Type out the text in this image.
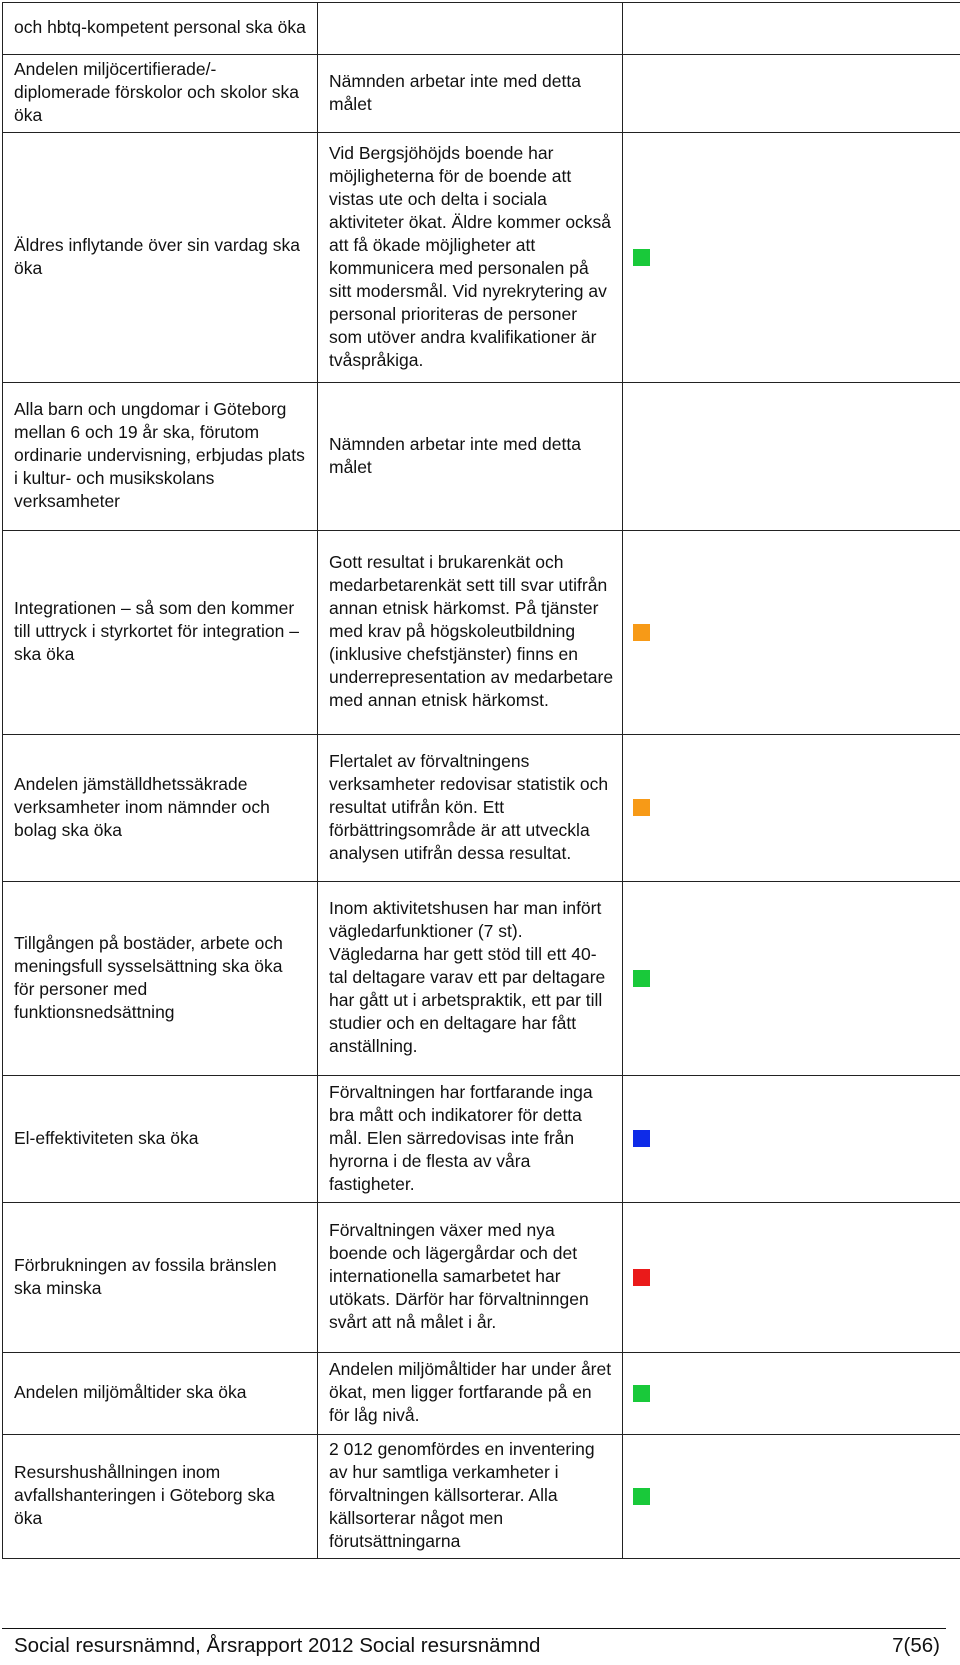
och hbtq-kompetent personal ska öka		
Andelen miljöcertifierade/-diplomerade förskolor och skolor ska öka	Nämnden arbetar inte med detta målet	
Äldres inflytande över sin vardag ska öka	Vid Bergsjöhöjds boende har möjligheterna för de boende att vistas ute och delta i sociala aktiviteter ökat. Äldre kommer också att få ökade möjligheter att kommunicera med personalen på sitt modersmål. Vid nyrekrytering av personal prioriteras de personer som utöver andra kvalifikationer är tvåspråkiga.	
Alla barn och ungdomar i Göteborg mellan 6 och 19 år ska, förutom ordinarie undervisning, erbjudas plats i kultur- och musikskolans verksamheter	Nämnden arbetar inte med detta målet	
Integrationen – så som den kommer till uttryck i styrkortet för integration – ska öka	Gott resultat i brukarenkät och medarbetarenkät sett till svar utifrån annan etnisk härkomst. På tjänster med krav på högskoleutbildning (inklusive chefstjänster) finns en underrepresentation av medarbetare med annan etnisk härkomst.	
Andelen jämställdhetssäkrade verksamheter inom nämnder och bolag ska öka	Flertalet av förvaltningens verksamheter redovisar statistik och resultat utifrån kön. Ett förbättringsområde är att utveckla analysen utifrån dessa resultat.	
Tillgången på bostäder, arbete och meningsfull sysselsättning ska öka för personer med funktionsnedsättning	Inom aktivitetshusen har man infört vägledarfunktioner (7 st). Vägledarna har gett stöd till ett 40-tal deltagare varav ett par deltagare har gått ut i arbetspraktik, ett par till studier och en deltagare har fått anställning.	
El-effektiviteten ska öka	Förvaltningen har fortfarande inga bra mått och indikatorer för detta mål. Elen särredovisas inte från hyrorna i de flesta av våra fastigheter.	
Förbrukningen av fossila bränslen ska minska	Förvaltningen växer med nya boende och lägergårdar och det internationella samarbetet har utökats. Därför har förvaltninngen svårt att nå målet i år.	
Andelen miljömåltider ska öka	Andelen miljömåltider har under året ökat, men ligger fortfarande på en för låg nivå.	
Resurshushållningen inom avfallshanteringen i Göteborg ska öka	2 012 genomfördes en inventering av hur samtliga verkamheter i förvaltningen källsorterar. Alla källsorterar något men förutsättningarna	
Social resursnämnd, Årsrapport 2012 Social resursnämnd	7(56)
